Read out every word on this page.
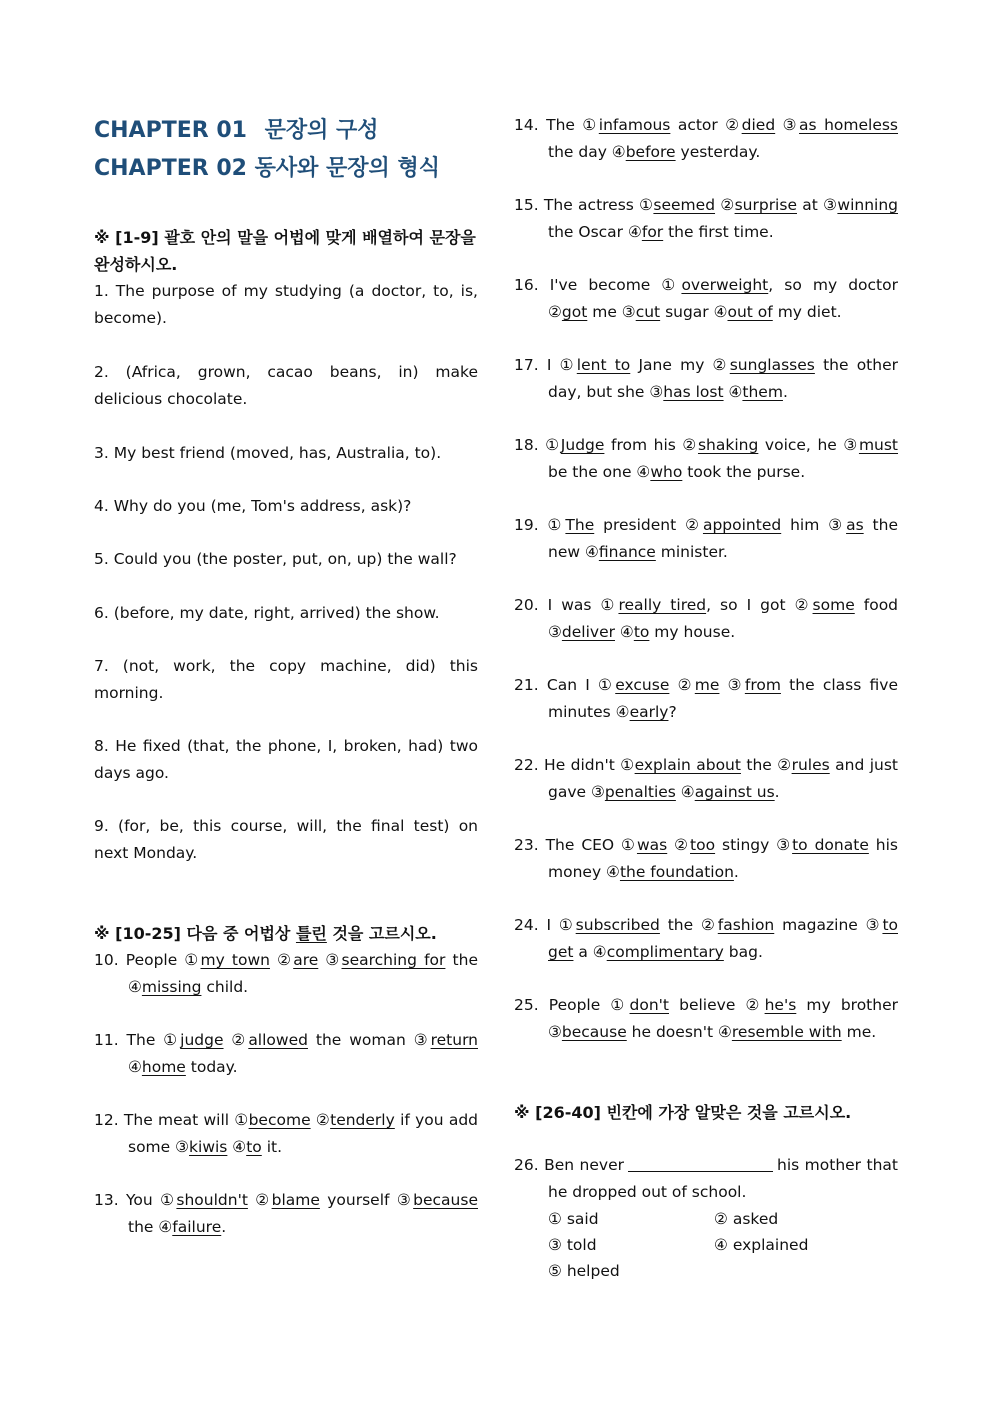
CHAPTER 01 문장의 구성

CHAPTER 02 동사와 문장의 형식

※ [1-9] 괄호 안의 말을 어법에 맞게 배열하여 문장을 완성하시오.

1. The purpose of my studying (a doctor, to, is, become).

2. (Africa, grown, cacao beans, in) make delicious chocolate.

3. My best friend (moved, has, Australia, to).

4. Why do you (me, Tom's address, ask)?

5. Could you (the poster, put, on, up) the wall?

6. (before, my date, right, arrived) the show.

7. (not, work, the copy machine, did) this morning.

8. He fixed (that, the phone, I, broken, had) two days ago.

9. (for, be, this course, will, the final test) on next Monday.

※ [10-25] 다음 중 어법상 틀린 것을 고르시오.

10. People ①my town ②are ③searching for the ④missing child.

11. The ①judge ②allowed the woman ③return ④home today.

12. The meat will ①become ②tenderly if you add some ③kiwis ④to it.

13. You ①shouldn't ②blame yourself ③because the ④failure.

14. The ①infamous actor ②died ③as homeless the day ④before yesterday.

15. The actress ①seemed ②surprise at ③winning the Oscar ④for the first time.

16. I've become ①overweight, so my doctor ②got me ③cut sugar ④out of my diet.

17. I ①lent to Jane my ②sunglasses the other day, but she ③has lost ④them.

18. ①Judge from his ②shaking voice, he ③must be the one ④who took the purse.

19. ①The president ②appointed him ③as the new ④finance minister.

20. I was ①really tired, so I got ②some food ③deliver ④to my house.

21. Can I ①excuse ②me ③from the class five minutes ④early?

22. He didn't ①explain about the ②rules and just gave ③penalties ④against us.

23. The CEO ①was ②too stingy ③to donate his money ④the foundation.

24. I ①subscribed the ②fashion magazine ③to get a ④complimentary bag.

25. People ①don't believe ②he's my brother ③because he doesn't ④resemble with me.

※ [26-40] 빈칸에 가장 알맞은 것을 고르시오.

26. Ben never	his mother that he dropped out of school.

① said	② asked
③ told	④ explained
⑤ helped
